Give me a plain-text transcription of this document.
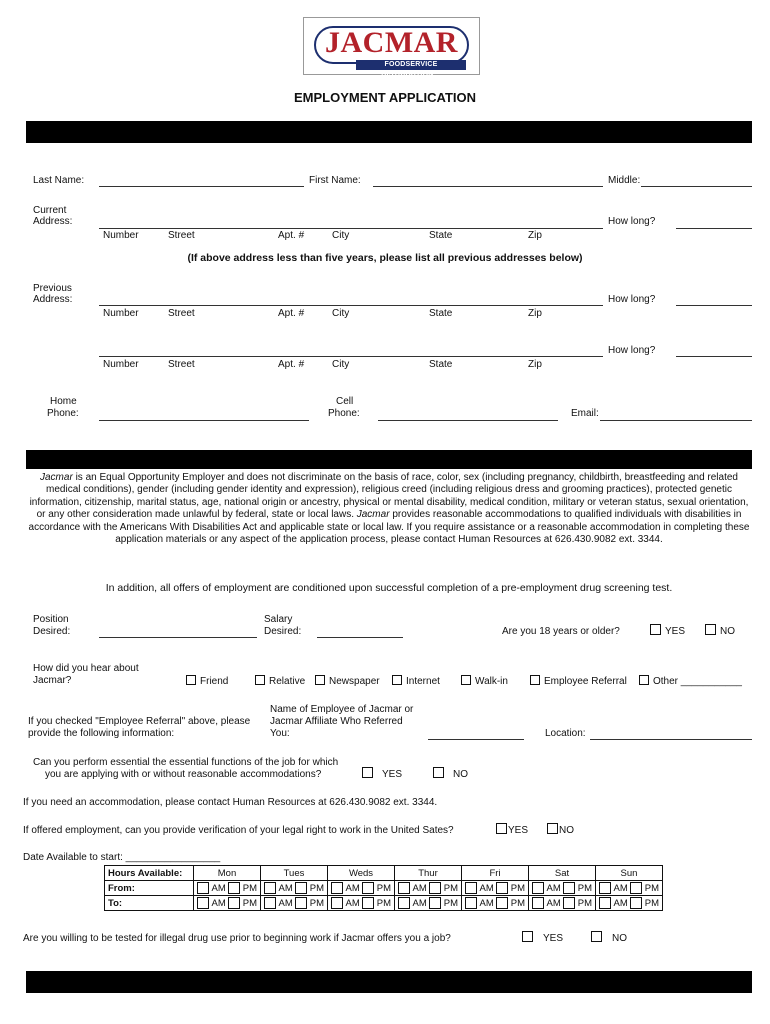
JACMAR
FOODSERVICE DISTRIBUTION™
EMPLOYMENT APPLICATION
Last Name:	First Name:	Middle:
Current
Address:	How long?
Number	Street	Apt. #	City	State	Zip
(If above address less than five years, please list all previous addresses below)
Previous
Address:	How long?
Number	Street	Apt. #	City	State	Zip
How long?
Number	Street	Apt. #	City	State	Zip
Home
Phone:
Cell
Phone:	Email:
Jacmar is an Equal Opportunity Employer and does not discriminate on the basis of race, color, sex (including pregnancy, childbirth, breastfeeding and related medical conditions), gender (including gender identity and expression), religious creed (including religious dress and grooming practices), protected genetic information, citizenship, marital status, age, national origin or ancestry, physical or mental disability, medical condition, military or veteran status, sexual orientation, or any other consideration made unlawful by federal, state or local laws. Jacmar provides reasonable accommodations to qualified individuals with disabilities in accordance with the Americans With Disabilities Act and applicable state or local law. If you require assistance or a reasonable accommodation in completing these application materials or any aspect of the application process, please contact Human Resources at 626.430.9082 ext. 3344.
In addition, all offers of employment are conditioned upon successful completion of a pre-employment drug screening test.
Position
Desired:
Salary
Desired:	Are you 18 years or older?	YES	NO
How did you hear about
Jacmar?	Friend	Relative	Newspaper	Internet	Walk-in	Employee Referral	Other ___________
If you checked "Employee Referral" above, please
provide the following information:
Name of Employee of Jacmar or
Jacmar Affiliate Who Referred
You:	Location:
Can you perform essential the essential functions of the job for which
you are applying with or without reasonable accommodations?	YES	NO
If you need an accommodation, please contact Human Resources at 626.430.9082 ext. 3344.
If offered employment, can you provide verification of your legal right to work in the United Sates?	YES	NO
Date Available to start: _________________
Hours Available:	Mon	Tues	Weds	Thur	Fri	Sat	Sun
From:	AM PM	AM PM	AM PM	AM PM	AM PM	AM PM	AM PM

To:	AM PM	AM PM	AM PM	AM PM	AM PM	AM PM	AM PM
Are you willing to be tested for illegal drug use prior to beginning work if Jacmar offers you a job?	YES	NO
